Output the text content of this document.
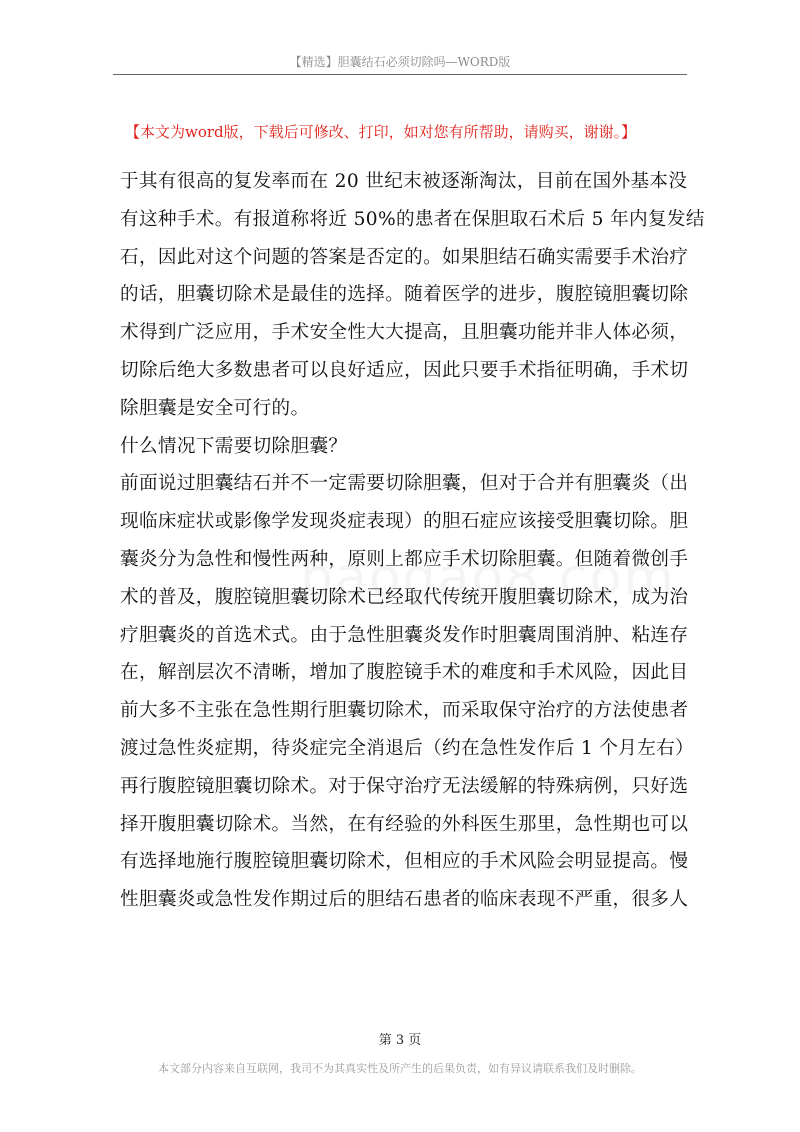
【精选】胆囊结石必须切除吗—WORD版
【本文为word版，下载后可修改、打印，如对您有所帮助，请购买，谢谢。】
于其有很高的复发率而在 20 世纪末被逐渐淘汰，目前在国外基本没
有这种手术。有报道称将近 50%的患者在保胆取石术后 5 年内复发结
石，因此对这个问题的答案是否定的。如果胆结石确实需要手术治疗
的话，胆囊切除术是最佳的选择。随着医学的进步，腹腔镜胆囊切除
术得到广泛应用，手术安全性大大提高，且胆囊功能并非人体必须，
切除后绝大多数患者可以良好适应，因此只要手术指征明确，手术切
除胆囊是安全可行的。
什么情况下需要切除胆囊？
前面说过胆囊结石并不一定需要切除胆囊，但对于合并有胆囊炎（出
现临床症状或影像学发现炎症表现）的胆石症应该接受胆囊切除。胆
囊炎分为急性和慢性两种，原则上都应手术切除胆囊。但随着微创手
术的普及，腹腔镜胆囊切除术已经取代传统开腹胆囊切除术，成为治
疗胆囊炎的首选术式。由于急性胆囊炎发作时胆囊周围消肿、粘连存
在，解剖层次不清晰，增加了腹腔镜手术的难度和手术风险，因此目
前大多不主张在急性期行胆囊切除术，而采取保守治疗的方法使患者
渡过急性炎症期，待炎症完全消退后（约在急性发作后 1 个月左右）
再行腹腔镜胆囊切除术。对于保守治疗无法缓解的特殊病例，只好选
择开腹胆囊切除术。当然，在有经验的外科医生那里，急性期也可以
有选择地施行腹腔镜胆囊切除术，但相应的手术风险会明显提高。慢
性胆囊炎或急性发作期过后的胆结石患者的临床表现不严重，很多人
第 3 页
本文部分内容来自互联网，我司不为其真实性及所产生的后果负责，如有异议请联系我们及时删除。
